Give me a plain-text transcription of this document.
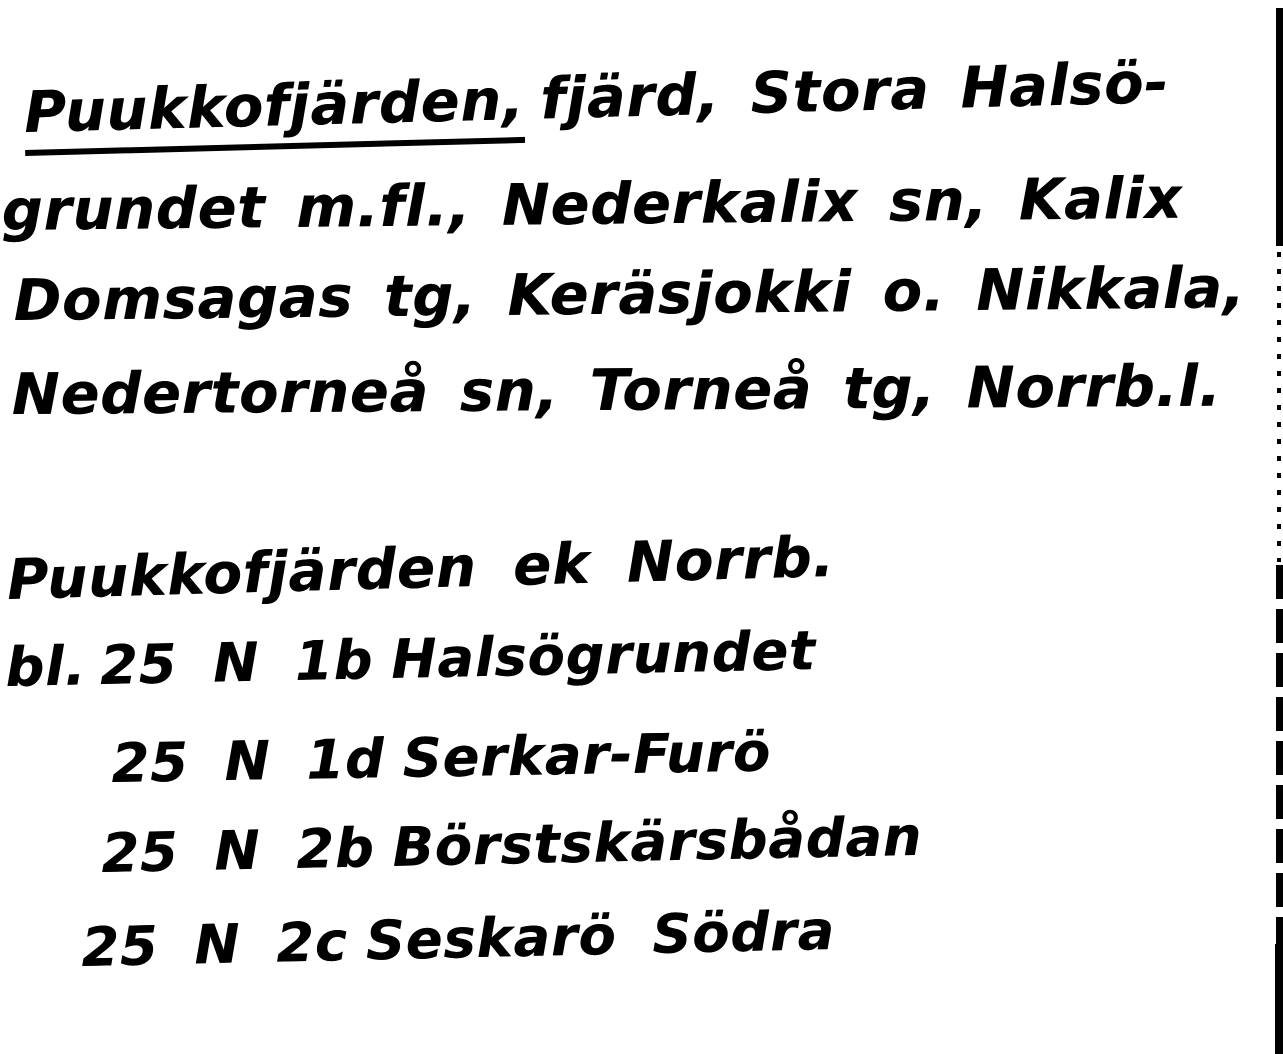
Puukkofjärden, fjärd, Stora Halsö-
grundet m.fl., Nederkalix sn, Kalix
Domsagas tg, Keräsjokki o. Nikkala,
Nedertorneå sn, Torneå tg, Norrb.l.
Puukkofjärden ek Norrb.
bl. 25 N 1b Halsögrundet
25 N 1d Serkar-Furö
25 N 2b Börstskärsbådan
25 N 2c Seskarö Södra
